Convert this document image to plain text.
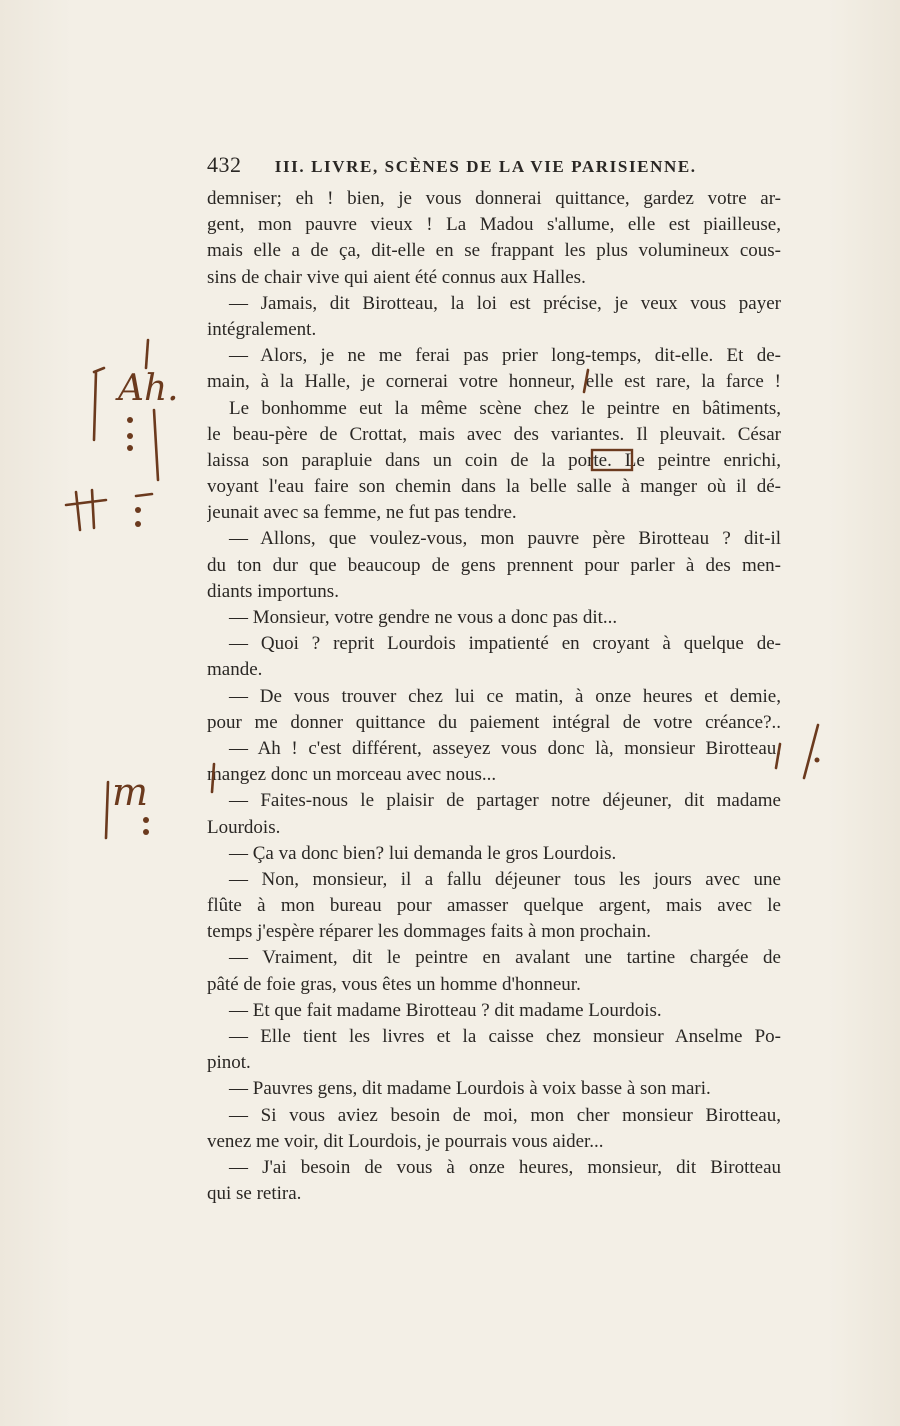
432 III. LIVRE, SCÈNES DE LA VIE PARISIENNE.
demniser; eh ! bien, je vous donnerai quittance, gardez votre ar-
gent, mon pauvre vieux ! La Madou s'allume, elle est piailleuse,
mais elle a de ça, dit-elle en se frappant les plus volumineux cous-
sins de chair vive qui aient été connus aux Halles.
— Jamais, dit Birotteau, la loi est précise, je veux vous payer
intégralement.
— Alors, je ne me ferai pas prier long-temps, dit-elle. Et de-
main, à la Halle, je cornerai votre honneur, elle est rare, la farce !
Le bonhomme eut la même scène chez le peintre en bâtiments,
le beau-père de Crottat, mais avec des variantes. Il pleuvait. César
laissa son parapluie dans un coin de la porte. Le peintre enrichi,
voyant l'eau faire son chemin dans la belle salle à manger où il dé-
jeunait avec sa femme, ne fut pas tendre.
— Allons, que voulez-vous, mon pauvre père Birotteau ? dit-il
du ton dur que beaucoup de gens prennent pour parler à des men-
diants importuns.
— Monsieur, votre gendre ne vous a donc pas dit...
— Quoi ? reprit Lourdois impatienté en croyant à quelque de-
mande.
— De vous trouver chez lui ce matin, à onze heures et demie,
pour me donner quittance du paiement intégral de votre créance?..
— Ah ! c'est différent, asseyez vous donc là, monsieur Birotteau,
mangez donc un morceau avec nous...
— Faites-nous le plaisir de partager notre déjeuner, dit madame
Lourdois.
— Ça va donc bien? lui demanda le gros Lourdois.
— Non, monsieur, il a fallu déjeuner tous les jours avec une
flûte à mon bureau pour amasser quelque argent, mais avec le
temps j'espère réparer les dommages faits à mon prochain.
— Vraiment, dit le peintre en avalant une tartine chargée de
pâté de foie gras, vous êtes un homme d'honneur.
— Et que fait madame Birotteau ? dit madame Lourdois.
— Elle tient les livres et la caisse chez monsieur Anselme Po-
pinot.
— Pauvres gens, dit madame Lourdois à voix basse à son mari.
— Si vous aviez besoin de moi, mon cher monsieur Birotteau,
venez me voir, dit Lourdois, je pourrais vous aider...
— J'ai besoin de vous à onze heures, monsieur, dit Birotteau
qui se retira.
Ah.
m
